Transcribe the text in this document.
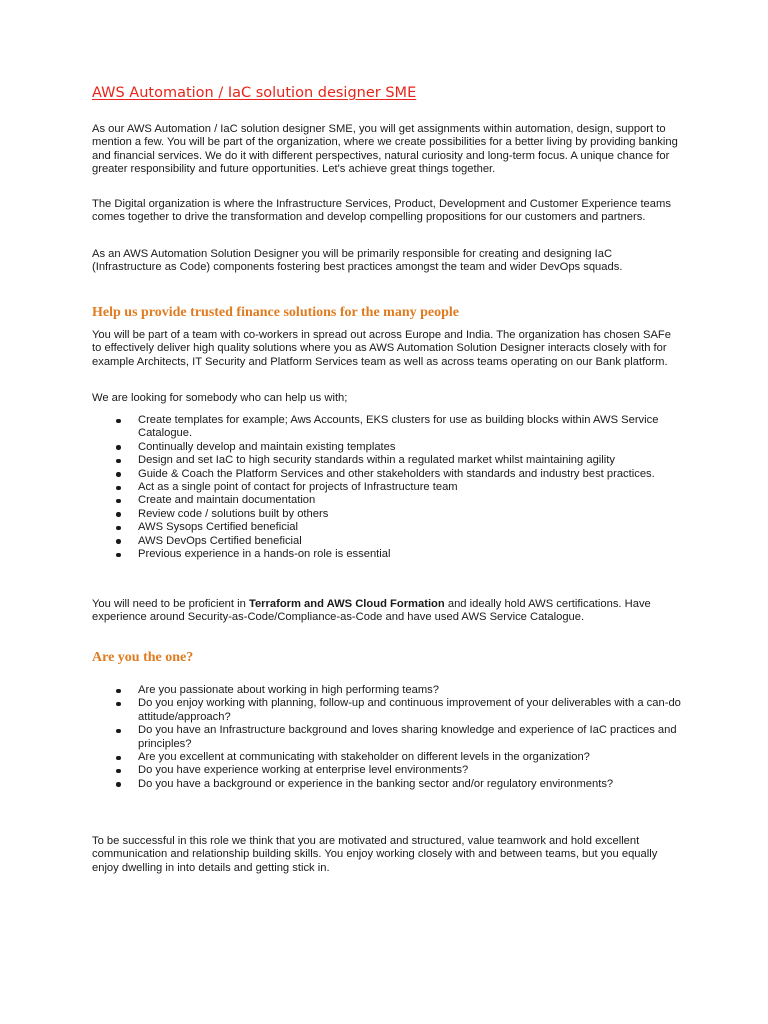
AWS Automation / IaC solution designer SME

As our AWS Automation / IaC solution designer SME, you will get assignments within automation, design, support to mention a few. You will be part of the organization, where we create possibilities for a better living by providing banking and financial services. We do it with different perspectives, natural curiosity and long-term focus. A unique chance for greater responsibility and future opportunities. Let's achieve great things together.

The Digital organization is where the Infrastructure Services, Product, Development and Customer Experience teams comes together to drive the transformation and develop compelling propositions for our customers and partners.

As an AWS Automation Solution Designer you will be primarily responsible for creating and designing IaC (Infrastructure as Code) components fostering best practices amongst the team and wider DevOps squads.

Help us provide trusted finance solutions for the many people

You will be part of a team with co-workers in spread out across Europe and India. The organization has chosen SAFe to effectively deliver high quality solutions where you as AWS Automation Solution Designer interacts closely with for example Architects, IT Security and Platform Services team as well as across teams operating on our Bank platform.

We are looking for somebody who can help us with;

Create templates for example; Aws Accounts, EKS clusters for use as building blocks within AWS Service Catalogue.
Continually develop and maintain existing templates
Design and set IaC to high security standards within a regulated market whilst maintaining agility
Guide & Coach the Platform Services and other stakeholders with standards and industry best practices.
Act as a single point of contact for projects of Infrastructure team
Create and maintain documentation
Review code / solutions built by others
AWS Sysops Certified beneficial
AWS DevOps Certified beneficial
Previous experience in a hands-on role is essential

You will need to be proficient in Terraform and AWS Cloud Formation and ideally hold AWS certifications. Have experience around Security-as-Code/Compliance-as-Code and have used AWS Service Catalogue.

Are you the one?
Are you passionate about working in high performing teams?
Do you enjoy working with planning, follow-up and continuous improvement of your deliverables with a can-do attitude/approach?
Do you have an Infrastructure background and loves sharing knowledge and experience of IaC practices and principles?
Are you excellent at communicating with stakeholder on different levels in the organization?
Do you have experience working at enterprise level environments?
Do you have a background or experience in the banking sector and/or regulatory environments?

To be successful in this role we think that you are motivated and structured, value teamwork and hold excellent communication and relationship building skills. You enjoy working closely with and between teams, but you equally enjoy dwelling in into details and getting stick in.
